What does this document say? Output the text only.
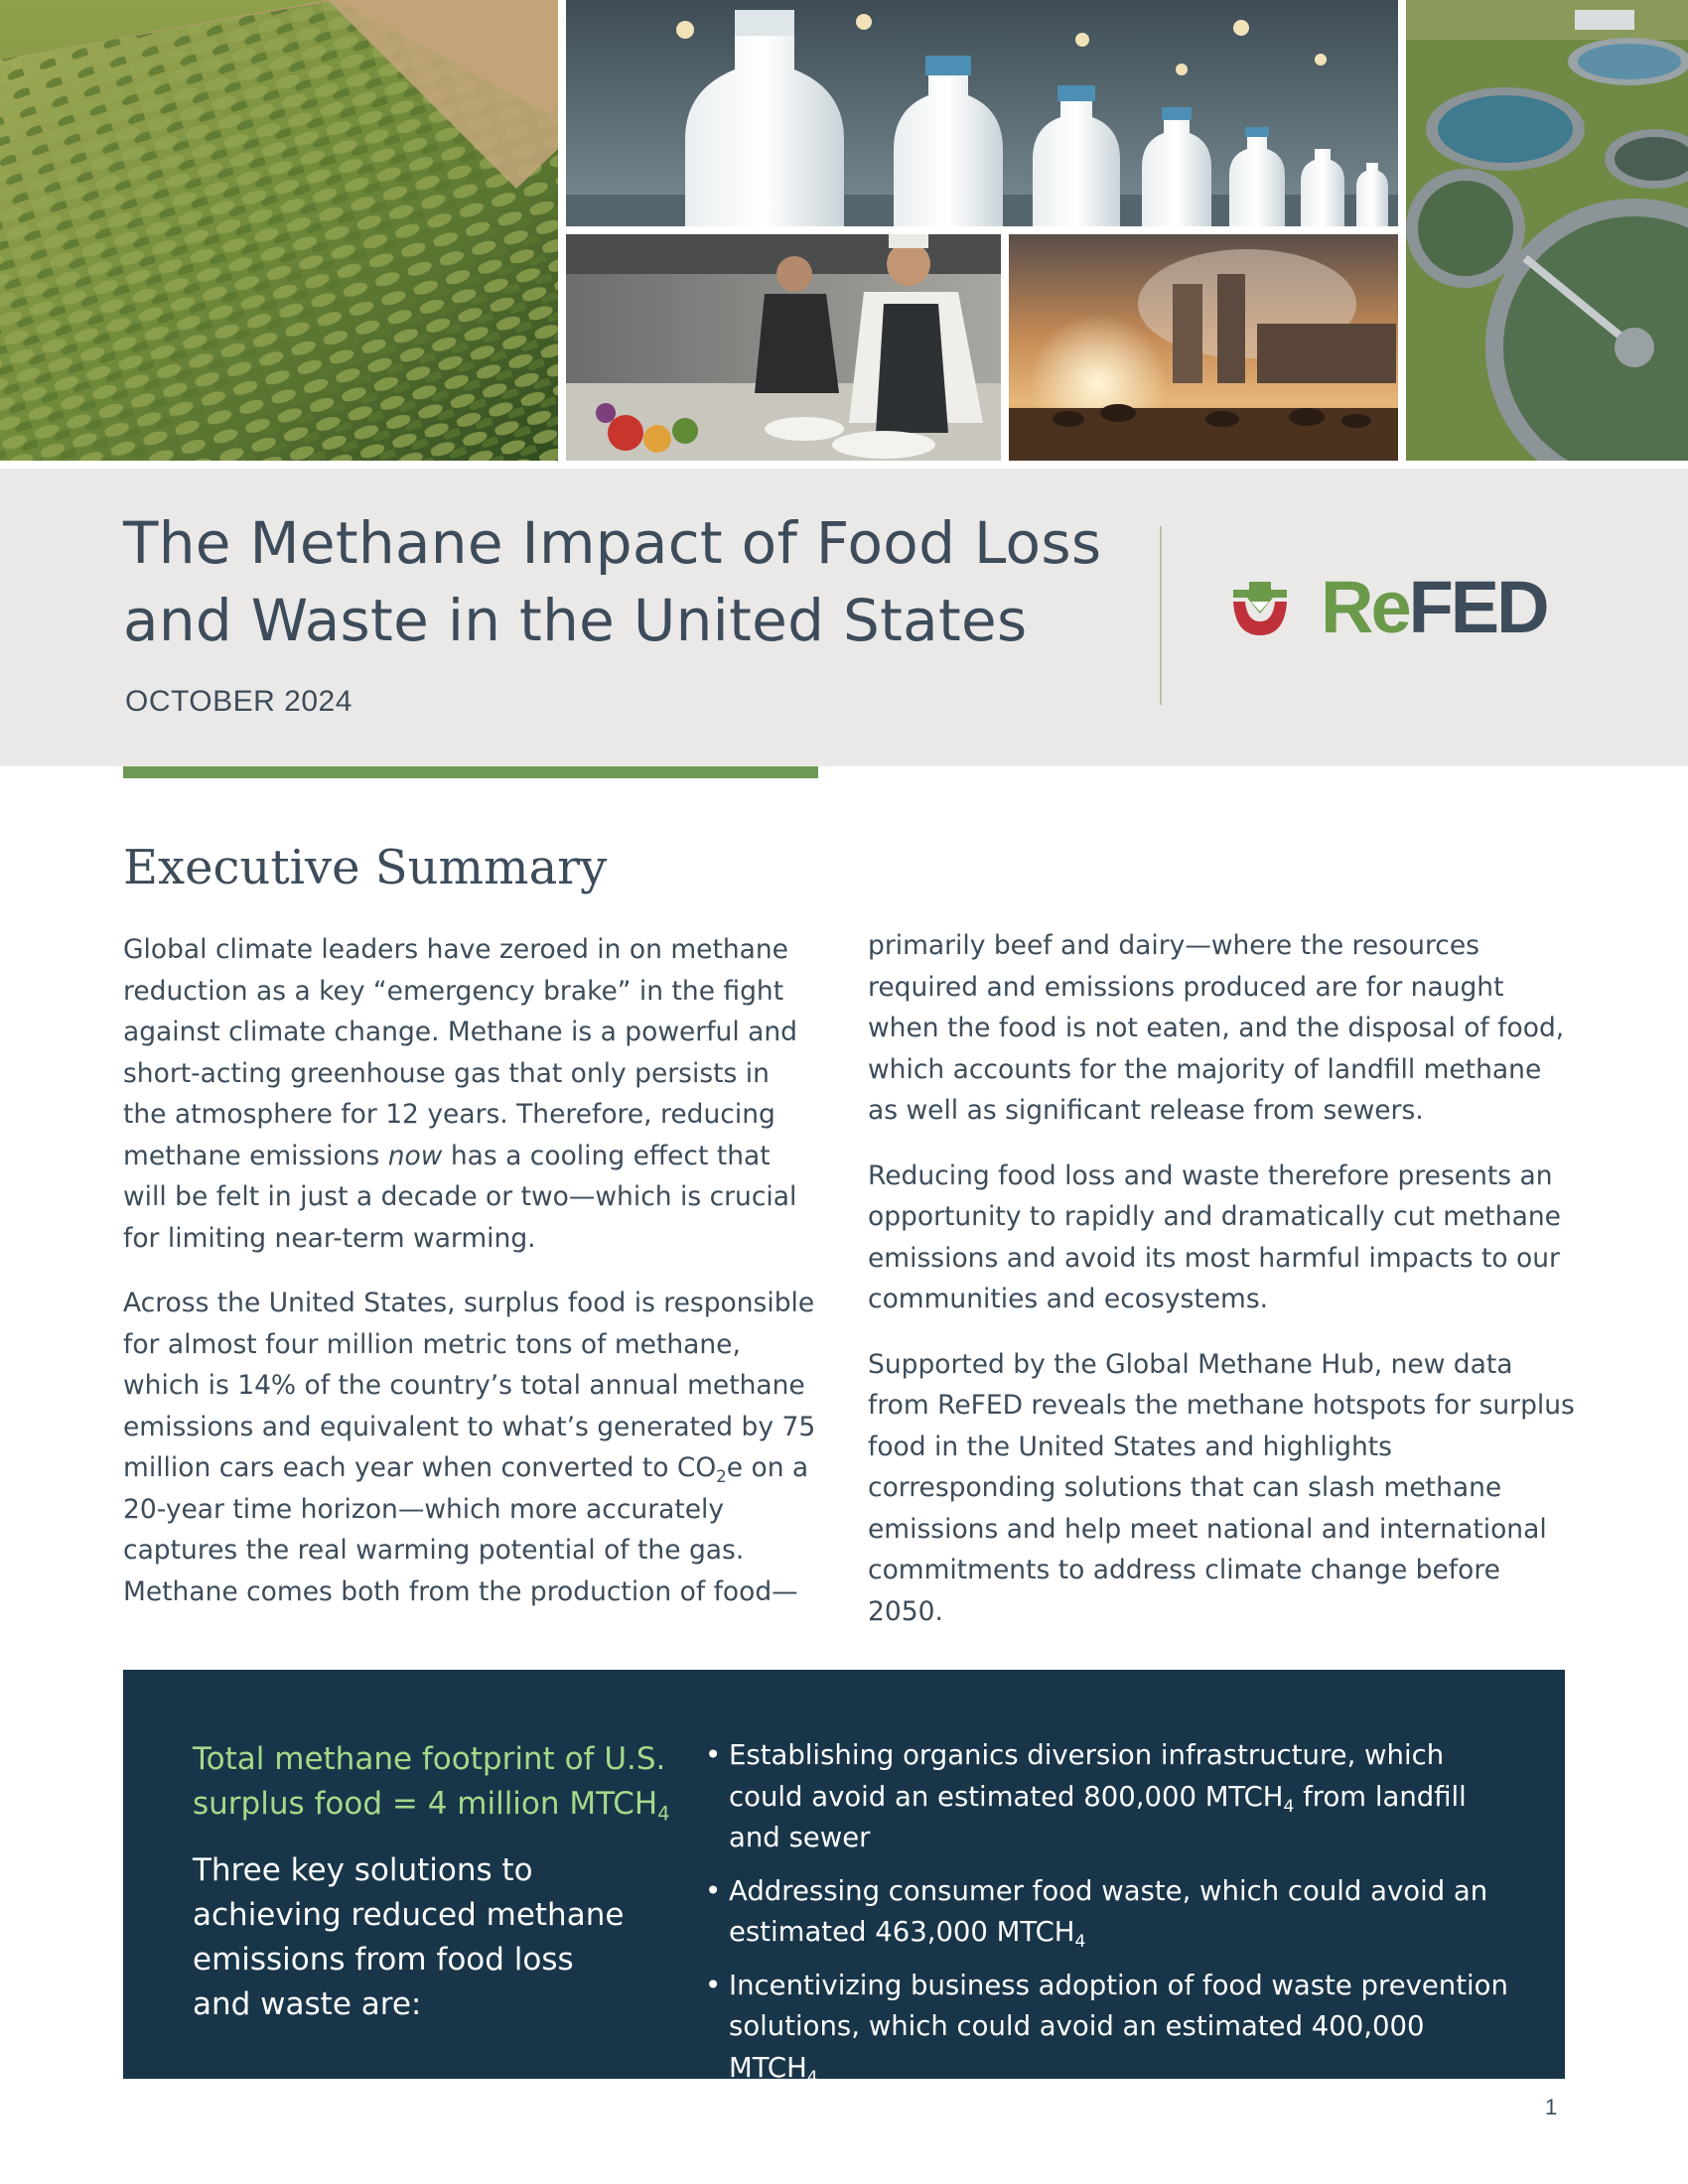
The Methane Impact of Food Loss
and Waste in the United States
OCTOBER 2024
ReFED
Executive Summary

Global climate leaders have zeroed in on methane reduction as a key “emergency brake” in the fight against climate change. Methane is a powerful and short-acting greenhouse gas that only persists in the atmosphere for 12 years. Therefore, reducing methane emissions now has a cooling effect that will be felt in just a decade or two—which is crucial for limiting near-term warming.

Across the United States, surplus food is responsible for almost four million metric tons of methane, which is 14% of the country’s total annual methane emissions and equivalent to what’s generated by 75 million cars each year when converted to $CO_2e$ on a 20-year time horizon—which more accurately captures the real warming potential of the gas. Methane comes both from the production of food—

primarily beef and dairy—where the resources required and emissions produced are for naught when the food is not eaten, and the disposal of food, which accounts for the majority of landfill methane as well as significant release from sewers.

Reducing food loss and waste therefore presents an opportunity to rapidly and dramatically cut methane emissions and avoid its most harmful impacts to our communities and ecosystems.

Supported by the Global Methane Hub, new data from ReFED reveals the methane hotspots for surplus food in the United States and highlights corresponding solutions that can slash methane emissions and help meet national and international commitments to address climate change before 2050.

Total methane footprint of U.S. surplus food = 4 million $MTCH_4$

Three key solutions to achieving reduced methane emissions from food loss and waste are:

• Establishing organics diversion infrastructure, which could avoid an estimated 800,000 $MTCH_4$ from landfill and sewer
• Addressing consumer food waste, which could avoid an estimated 463,000 $MTCH_4$
• Incentivizing business adoption of food waste prevention solutions, which could avoid an estimated 400,000 $MTCH_4$
1
